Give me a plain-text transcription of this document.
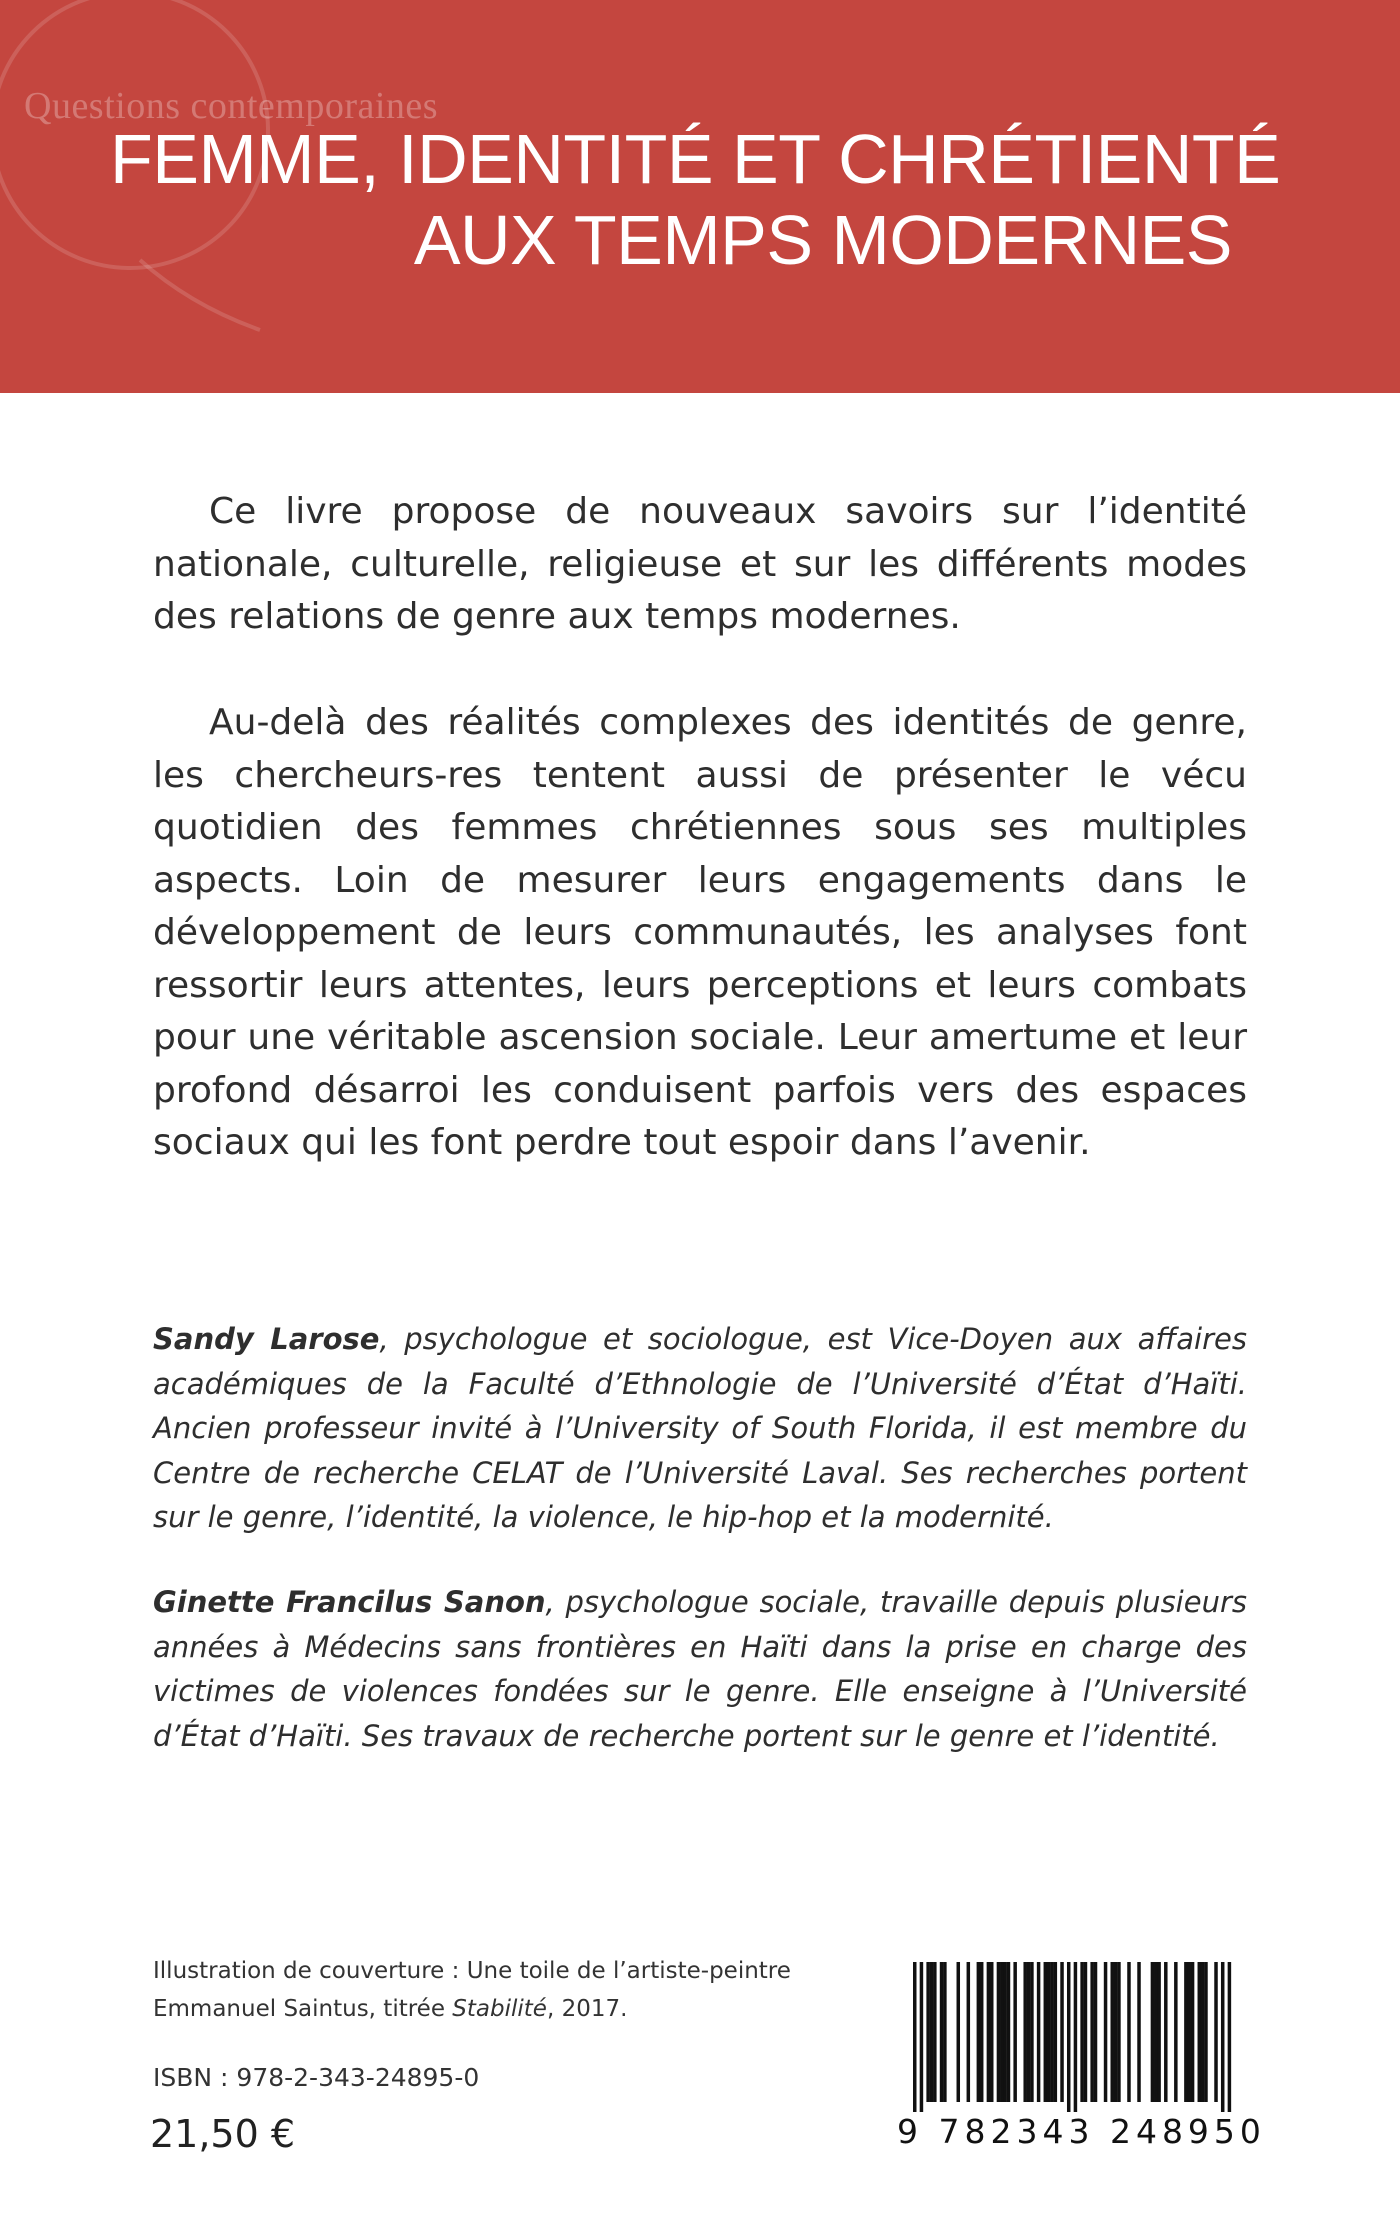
Questions contemporaines
FEMME, IDENTITÉ ET CHRÉTIENTÉ
AUX TEMPS MODERNES

Ce livre propose de nouveaux savoirs sur l’identité nationale, culturelle, religieuse et sur les différents modes des relations de genre aux temps modernes.

Au-delà des réalités complexes des identités de genre, les chercheurs-res tentent aussi de présenter le vécu quotidien des femmes chrétiennes sous ses multiples aspects. Loin de mesurer leurs engagements dans le développement de leurs communautés, les analyses font ressortir leurs attentes, leurs perceptions et leurs combats pour une véritable ascension sociale. Leur amertume et leur profond désarroi les conduisent parfois vers des espaces sociaux qui les font perdre tout espoir dans l’avenir.

Sandy Larose, psychologue et sociologue, est Vice-Doyen aux affaires académiques de la Faculté d’Ethnologie de l’Université d’État d’Haïti. Ancien professeur invité à l’University of South Florida, il est membre du Centre de recherche CELAT de l’Université Laval. Ses recherches portent sur le genre, l’identité, la violence, le hip-hop et la modernité.

Ginette Francilus Sanon, psychologue sociale, travaille depuis plusieurs années à Médecins sans frontières en Haïti dans la prise en charge des victimes de violences fondées sur le genre. Elle enseigne à l’Université d’État d’Haïti. Ses travaux de recherche portent sur le genre et l’identité.

Illustration de couverture : Une toile de l’artiste-peintre Emmanuel Saintus, titrée Stabilité, 2017.

ISBN : 978-2-343-24895-0
21,50 €	9 782343 248950
